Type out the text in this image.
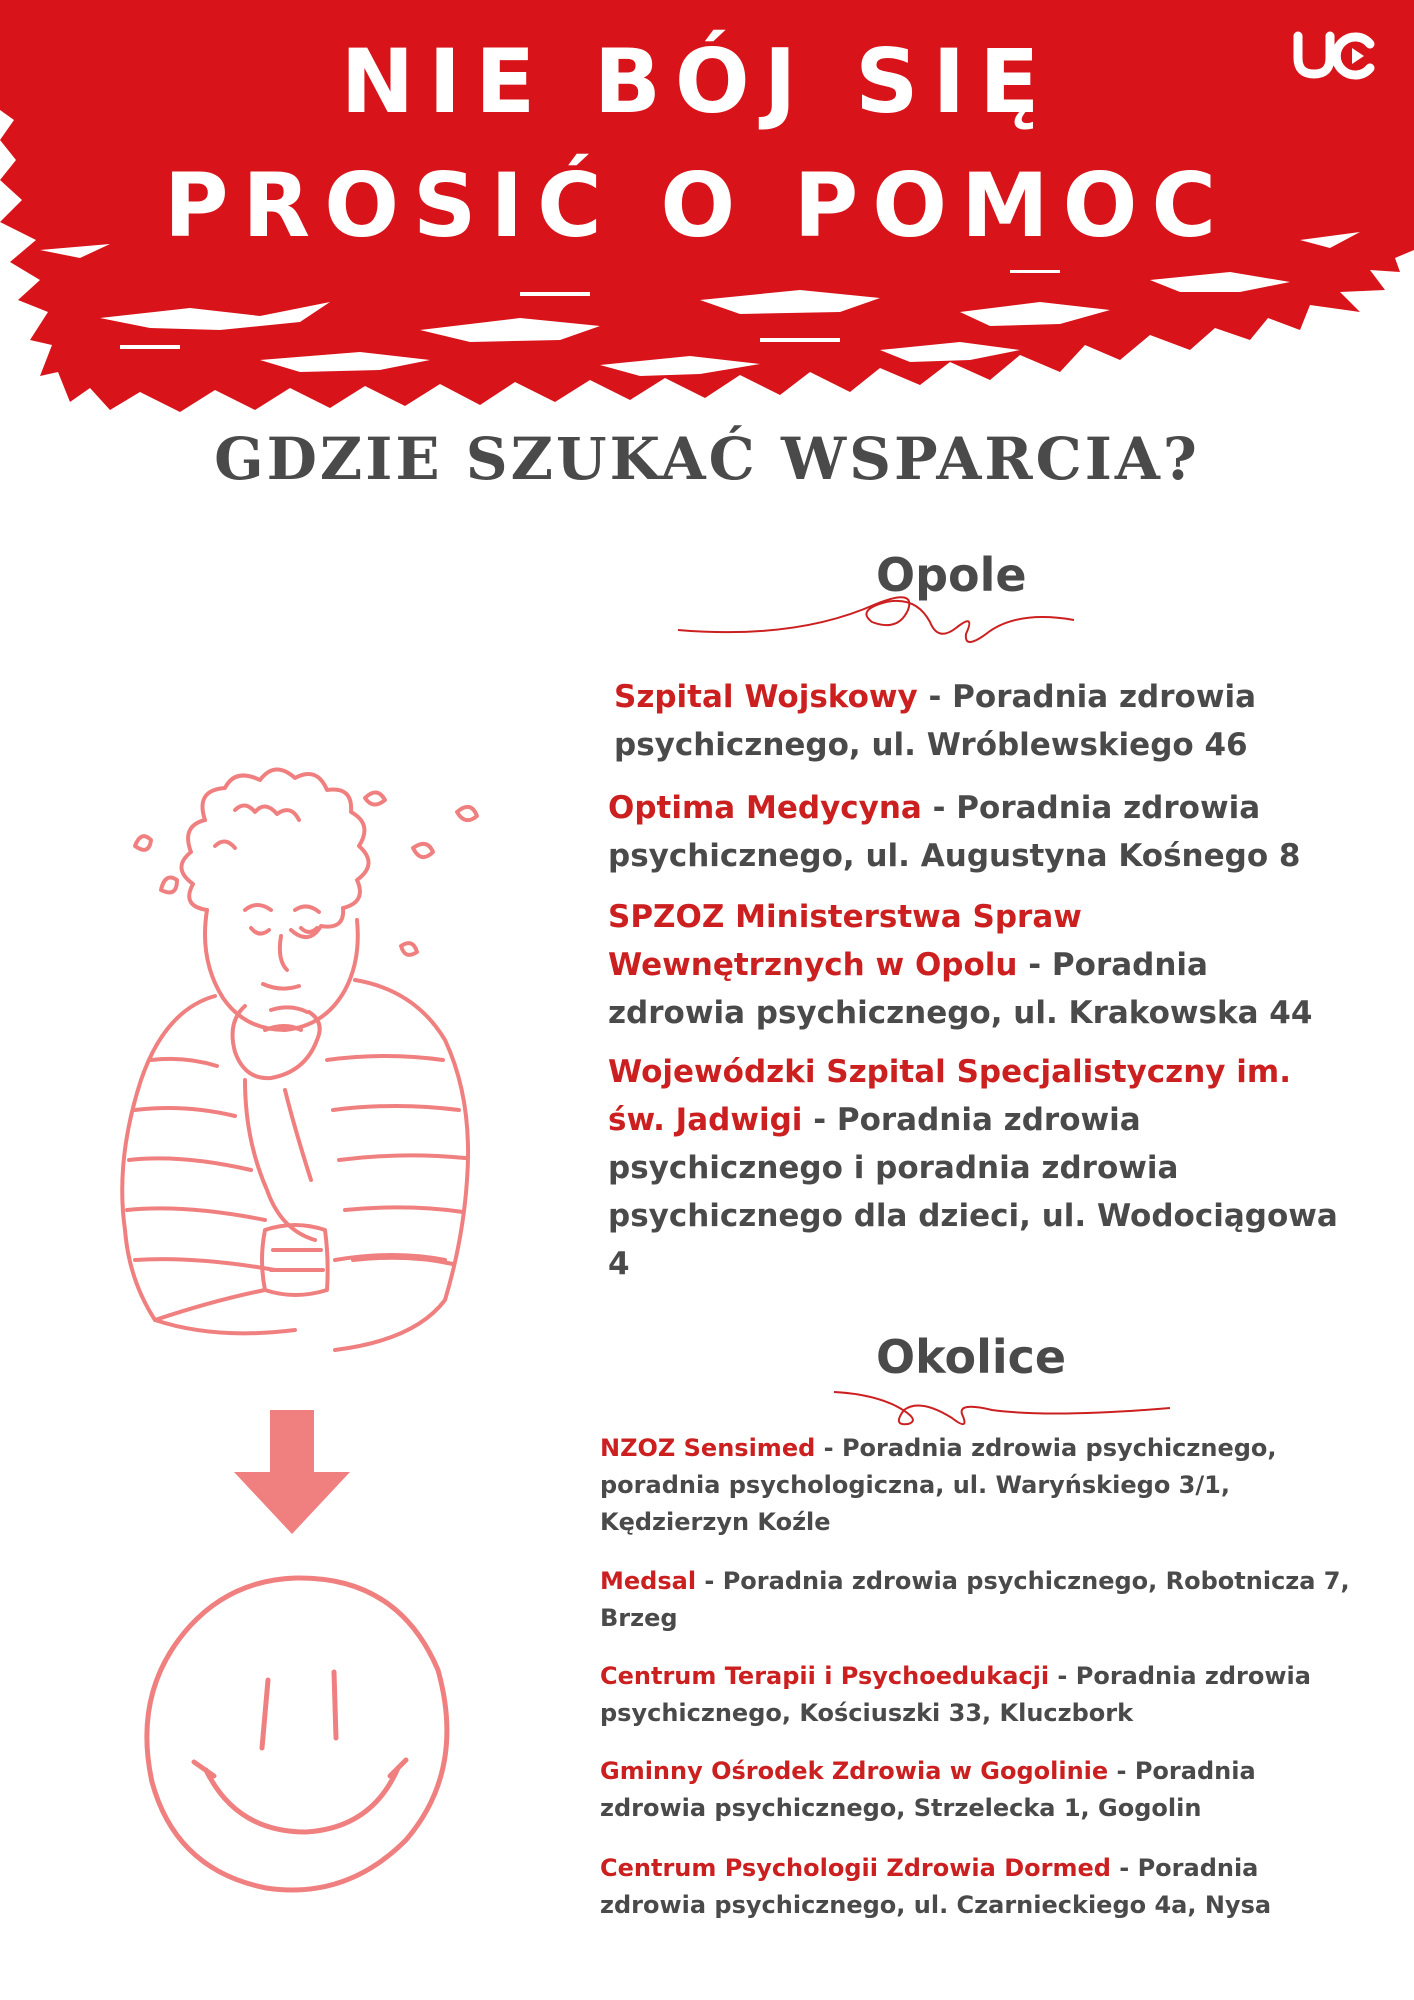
NIE BÓJ SIĘ
PROSIĆ O POMOC
GDZIE SZUKAĆ WSPARCIA?
Opole
Szpital Wojskowy - Poradnia zdrowia psychicznego, ul. Wróblewskiego 46
Optima Medycyna - Poradnia zdrowia psychicznego, ul. Augustyna Kośnego 8
SPZOZ Ministerstwa Spraw Wewnętrznych w Opolu - Poradnia zdrowia psychicznego, ul. Krakowska 44
Wojewódzki Szpital Specjalistyczny im. św. Jadwigi - Poradnia zdrowia psychicznego i poradnia zdrowia psychicznego dla dzieci, ul. Wodociągowa 4
Okolice
NZOZ Sensimed - Poradnia zdrowia psychicznego, poradnia psychologiczna, ul. Waryńskiego 3/1, Kędzierzyn Koźle
Medsal - Poradnia zdrowia psychicznego, Robotnicza 7, Brzeg
Centrum Terapii i Psychoedukacji - Poradnia zdrowia psychicznego, Kościuszki 33, Kluczbork
Gminny Ośrodek Zdrowia w Gogolinie - Poradnia zdrowia psychicznego, Strzelecka 1, Gogolin
Centrum Psychologii Zdrowia Dormed - Poradnia zdrowia psychicznego, ul. Czarnieckiego 4a, Nysa
